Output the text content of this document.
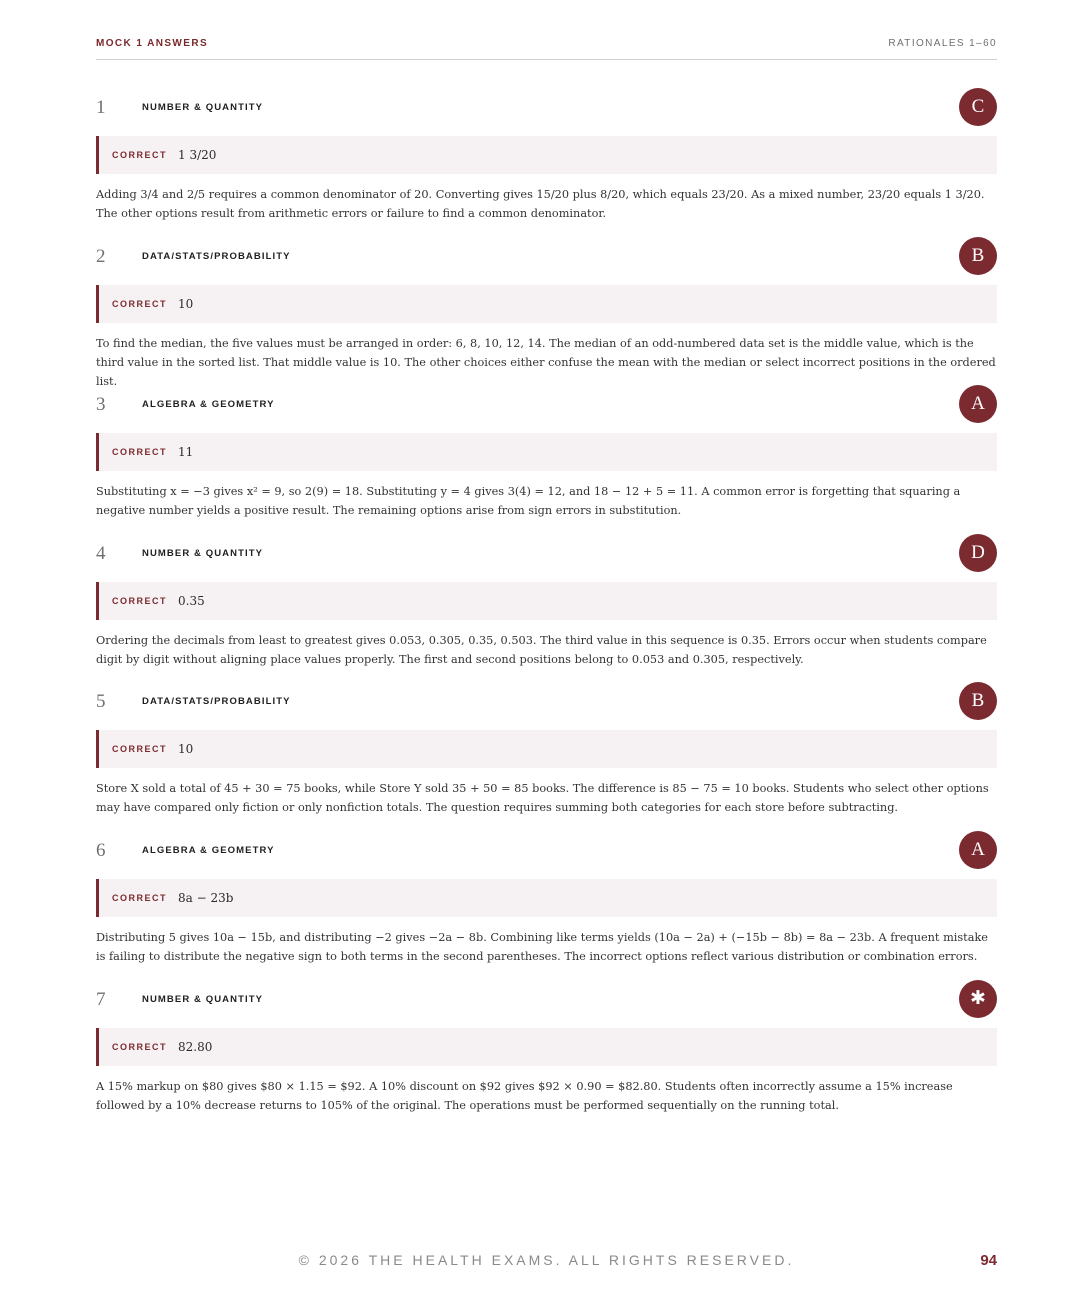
MOCK 1 ANSWERS	RATIONALES 1–60
1	NUMBER & QUANTITY	C
CORRECT 1 3/20
Adding 3/4 and 2/5 requires a common denominator of 20. Converting gives 15/20 plus 8/20, which equals 23/20. As a mixed number, 23/20 equals 1 3/20. The other options result from arithmetic errors or failure to find a common denominator.
2	DATA/STATS/PROBABILITY	B
CORRECT 10
To find the median, the five values must be arranged in order: 6, 8, 10, 12, 14. The median of an odd-numbered data set is the middle value, which is the third value in the sorted list. That middle value is 10. The other choices either confuse the mean with the median or select incorrect positions in the ordered list.
3	ALGEBRA & GEOMETRY	A
CORRECT 11
Substituting x = −3 gives x² = 9, so 2(9) = 18. Substituting y = 4 gives 3(4) = 12, and 18 − 12 + 5 = 11. A common error is forgetting that squaring a negative number yields a positive result. The remaining options arise from sign errors in substitution.
4	NUMBER & QUANTITY	D
CORRECT 0.35
Ordering the decimals from least to greatest gives 0.053, 0.305, 0.35, 0.503. The third value in this sequence is 0.35. Errors occur when students compare digit by digit without aligning place values properly. The first and second positions belong to 0.053 and 0.305, respectively.
5	DATA/STATS/PROBABILITY	B
CORRECT 10
Store X sold a total of 45 + 30 = 75 books, while Store Y sold 35 + 50 = 85 books. The difference is 85 − 75 = 10 books. Students who select other options may have compared only fiction or only nonfiction totals. The question requires summing both categories for each store before subtracting.
6	ALGEBRA & GEOMETRY	A
CORRECT 8a − 23b
Distributing 5 gives 10a − 15b, and distributing −2 gives −2a − 8b. Combining like terms yields (10a − 2a) + (−15b − 8b) = 8a − 23b. A frequent mistake is failing to distribute the negative sign to both terms in the second parentheses. The incorrect options reflect various distribution or combination errors.
7	NUMBER & QUANTITY	✱
CORRECT 82.80
A 15% markup on $80 gives $80 × 1.15 = $92. A 10% discount on $92 gives $92 × 0.90 = $82.80. Students often incorrectly assume a 15% increase followed by a 10% decrease returns to 105% of the original. The operations must be performed sequentially on the running total.
© 2026 THE HEALTH EXAMS. ALL RIGHTS RESERVED.	94
